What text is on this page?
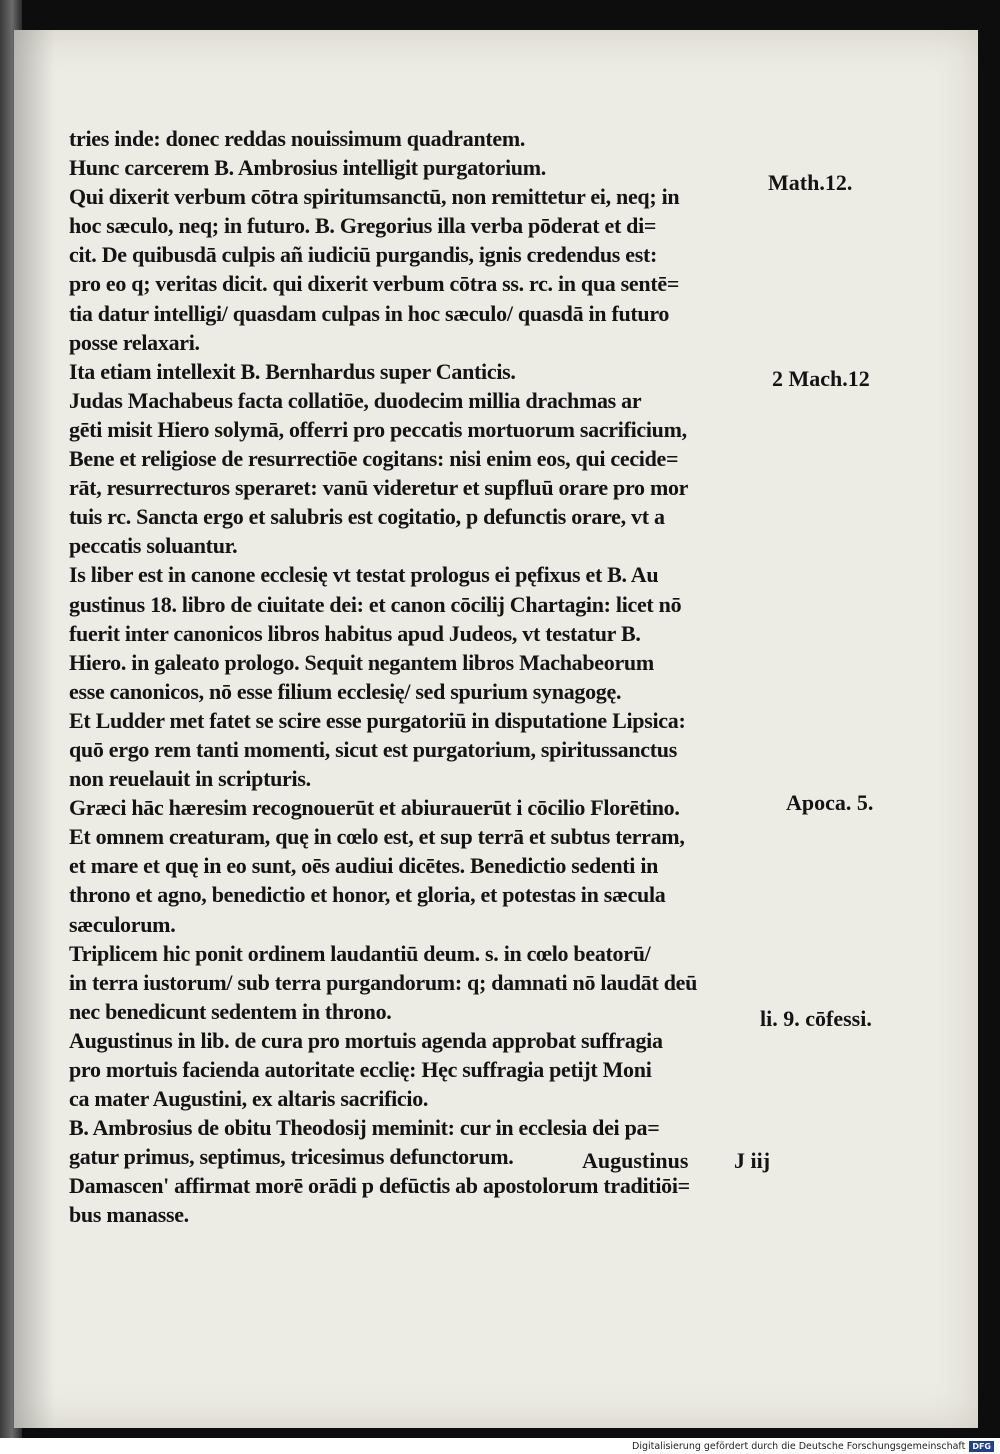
tries inde: donec reddas nouissimum quadrantem.
Hunc carcerem B. Ambrosius intelligit purgatorium.
Qui dixerit verbum cōtra spiritumsanctū, non remittetur ei, neq; in
hoc sæculo, neq; in futuro. B. Gregorius illa verba pōderat et di=
cit. De quibusdā culpis añ iudiciū purgandis, ignis credendus est:
pro eo q; veritas dicit. qui dixerit verbum cōtra ss. rc. in qua sentē=
tia datur intelligi/ quasdam culpas in hoc sæculo/ quasdā in futuro
posse relaxari.
Ita etiam intellexit B. Bernhardus super Canticis.
Judas Machabeus facta collatiōe, duodecim millia drachmas ar
gēti misit Hiero solymā, offerri pro peccatis mortuorum sacrificium,
Bene et religiose de resurrectiōe cogitans: nisi enim eos, qui cecide=
rāt, resurrecturos speraret: vanū videretur et supfluū orare pro mor
tuis rc. Sancta ergo et salubris est cogitatio, p defunctis orare, vt a
peccatis soluantur.
Is liber est in canone ecclesię vt testat prologus ei pęfixus et B. Au
gustinus 18. libro de ciuitate dei: et canon cōcilij Chartagin: licet nō
fuerit inter canonicos libros habitus apud Judeos, vt testatur B.
Hiero. in galeato prologo. Sequit negantem libros Machabeorum
esse canonicos, nō esse filium ecclesię/ sed spurium synagogę.
Et Ludder met fatet se scire esse purgatoriū in disputatione Lipsica:
quō ergo rem tanti momenti, sicut est purgatorium, spiritussanctus
non reuelauit in scripturis.
Græci hāc hæresim recognouerūt et abiurauerūt i cōcilio Florētino.
Et omnem creaturam, quę in cœlo est, et sup terrā et subtus terram,
et mare et quę in eo sunt, oēs audiui dicētes. Benedictio sedenti in
throno et agno, benedictio et honor, et gloria, et potestas in sæcula
sæculorum.
Triplicem hic ponit ordinem laudantiū deum. s. in cœlo beatorū/
in terra iustorum/ sub terra purgandorum: q; damnati nō laudāt deū
nec benedicunt sedentem in throno.
Augustinus in lib. de cura pro mortuis agenda approbat suffragia
pro mortuis facienda autoritate ecclię: Hęc suffragia petijt Moni
ca mater Augustini, ex altaris sacrificio.
B. Ambrosius de obitu Theodosij meminit: cur in ecclesia dei pa=
gatur primus, septimus, tricesimus defunctorum.
Damascen' affirmat morē orādi p defūctis ab apostolorum traditiōi=
bus manasse.
Math.12.
2 Mach.12
Apoca. 5.
li. 9. cōfessi.
Augustinus J iij
Digitalisierung gefördert durch die Deutsche Forschungsgemeinschaft DFG
